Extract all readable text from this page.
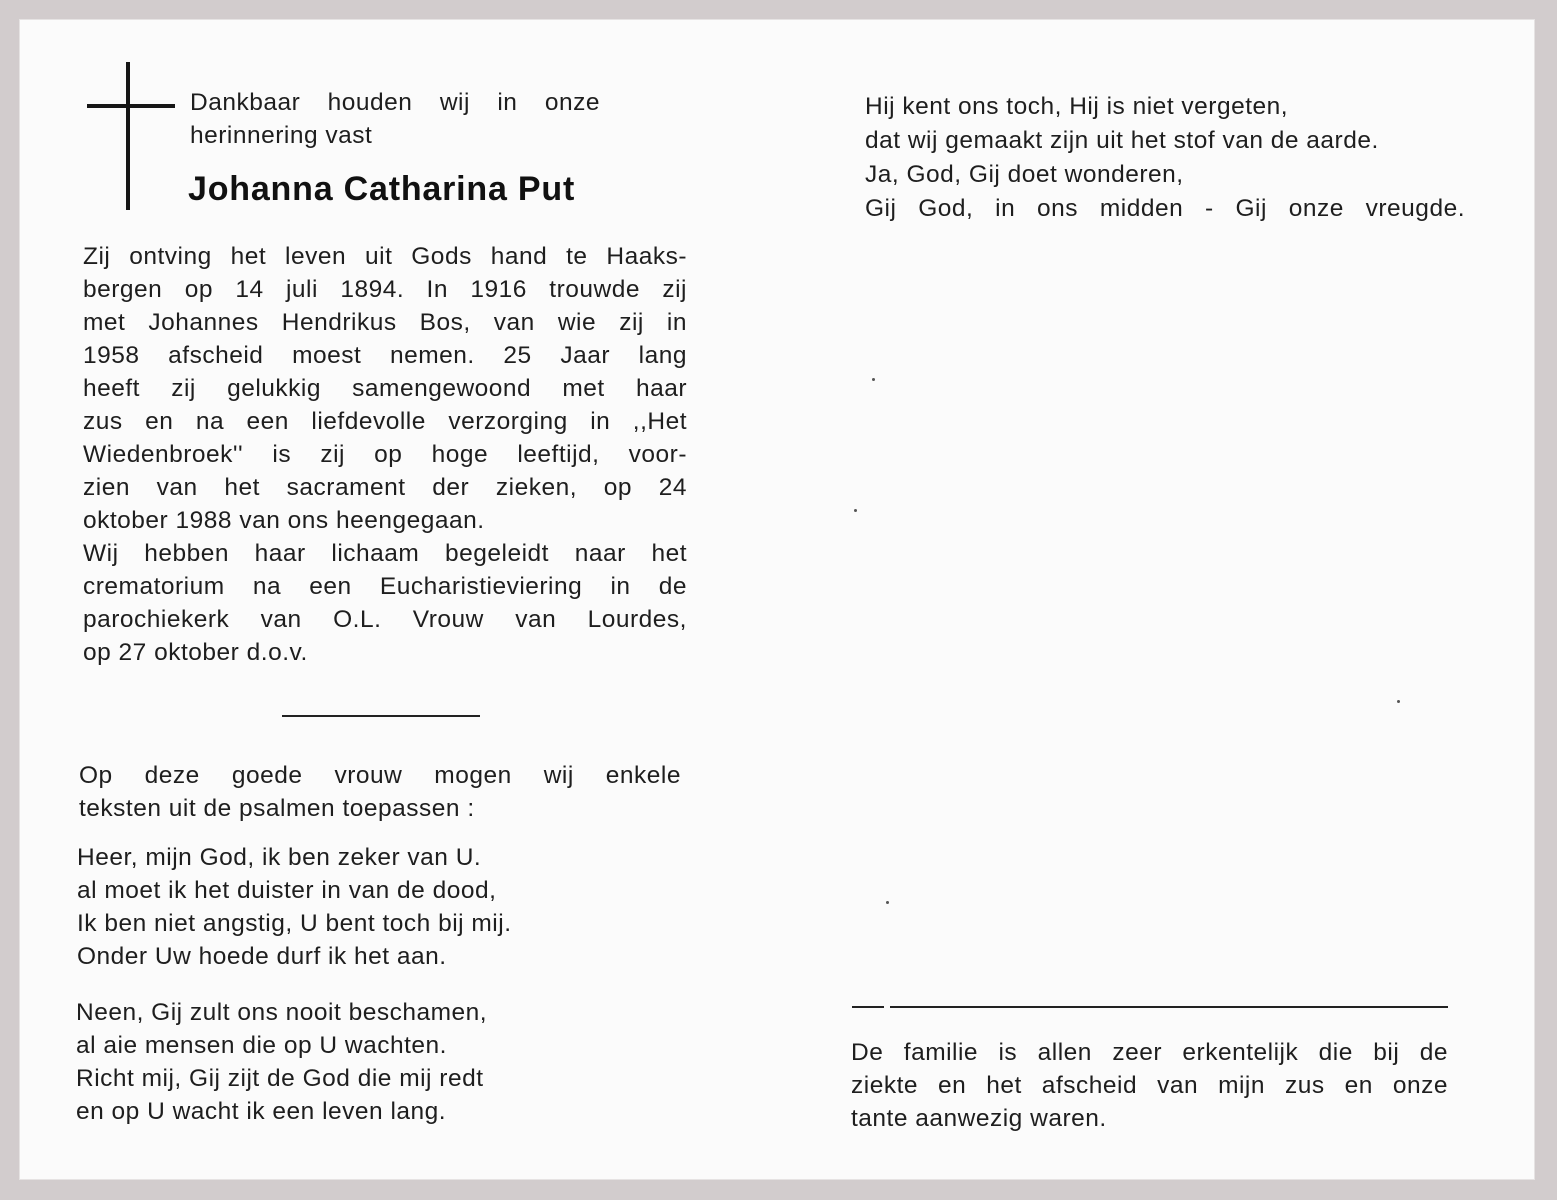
Dankbaar houden wij in onze
herinnering vast
Johanna Catharina Put
Zij ontving het leven uit Gods hand te Haaks-
bergen op 14 juli 1894. In 1916 trouwde zij
met Johannes Hendrikus Bos, van wie zij in
1958 afscheid moest nemen. 25 Jaar lang
heeft zij gelukkig samengewoond met haar
zus en na een liefdevolle verzorging in ,,Het
Wiedenbroek'' is zij op hoge leeftijd, voor-
zien van het sacrament der zieken, op 24
oktober 1988 van ons heengegaan.
Wij hebben haar lichaam begeleidt naar het
crematorium na een Eucharistieviering in de
parochiekerk van O.L. Vrouw van Lourdes,
op 27 oktober d.o.v.
Op deze goede vrouw mogen wij enkele
teksten uit de psalmen toepassen :
Heer, mijn God, ik ben zeker van U.
al moet ik het duister in van de dood,
Ik ben niet angstig, U bent toch bij mij.
Onder Uw hoede durf ik het aan.
Neen, Gij zult ons nooit beschamen,
al aie mensen die op U wachten.
Richt mij, Gij zijt de God die mij redt
en op U wacht ik een leven lang.
Hij kent ons toch, Hij is niet vergeten,
dat wij gemaakt zijn uit het stof van de aarde.
Ja, God, Gij doet wonderen,
Gij God, in ons midden - Gij onze vreugde.
De familie is allen zeer erkentelijk die bij de
ziekte en het afscheid van mijn zus en onze
tante aanwezig waren.
